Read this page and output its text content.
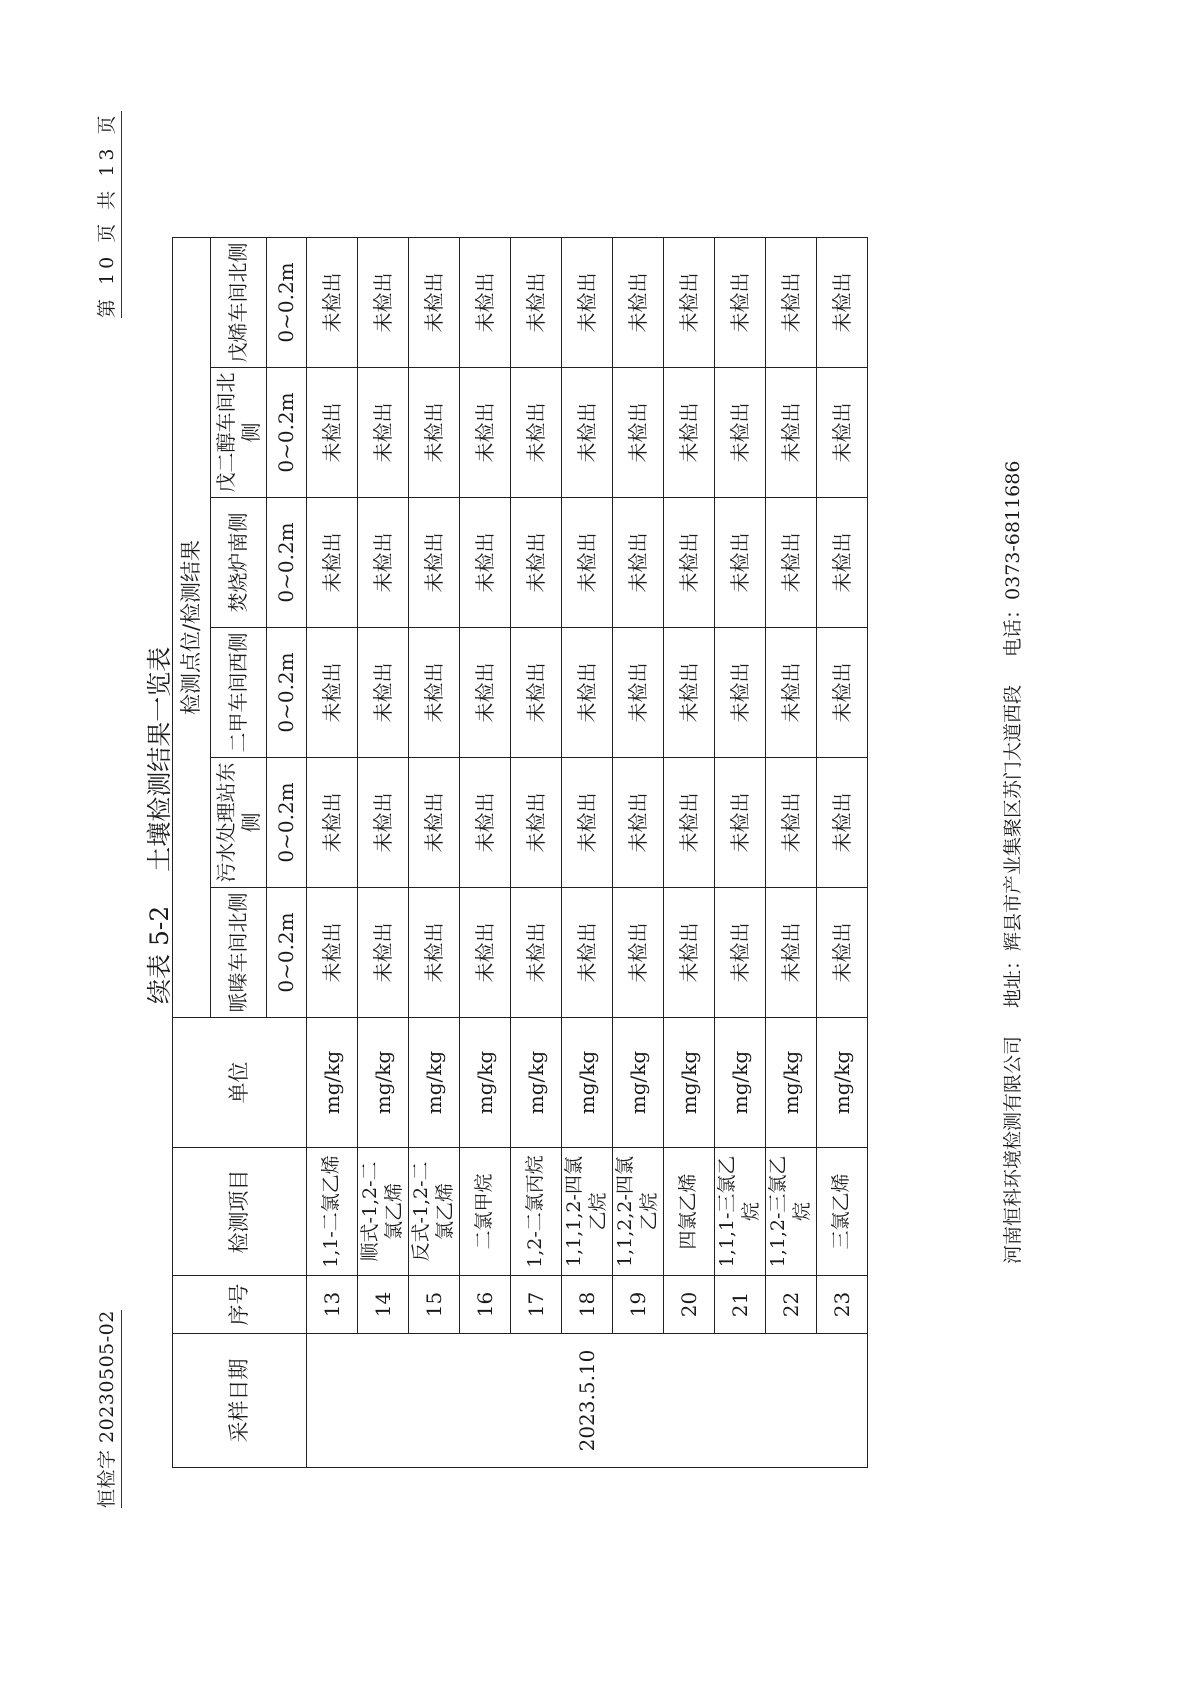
恒检字 20230505-02
第 10 页 共 13 页
续表 5-2
土壤检测结果一览表
采样日期	序号	检测项目	单位	检测点位/检测结果					
				哌嗪车间北侧	污水处理站东侧	二甲车间西侧	焚烧炉南侧	戊二醇车间北侧	戊烯车间北侧
				0~0.2m	0~0.2m	0~0.2m	0~0.2m	0~0.2m	0~0.2m
2023.5.10	13	1,1-二氯乙烯	mg/kg	未检出	未检出	未检出	未检出	未检出	未检出
	14	顺式-1,2-二氯乙烯	mg/kg	未检出	未检出	未检出	未检出	未检出	未检出
	15	反式-1,2-二氯乙烯	mg/kg	未检出	未检出	未检出	未检出	未检出	未检出
	16	二氯甲烷	mg/kg	未检出	未检出	未检出	未检出	未检出	未检出
	17	1,2-二氯丙烷	mg/kg	未检出	未检出	未检出	未检出	未检出	未检出
	18	1,1,1,2-四氯乙烷	mg/kg	未检出	未检出	未检出	未检出	未检出	未检出
	19	1,1,2,2-四氯乙烷	mg/kg	未检出	未检出	未检出	未检出	未检出	未检出
	20	四氯乙烯	mg/kg	未检出	未检出	未检出	未检出	未检出	未检出
	21	1,1,1-三氯乙烷	mg/kg	未检出	未检出	未检出	未检出	未检出	未检出
	22	1,1,2-三氯乙烷	mg/kg	未检出	未检出	未检出	未检出	未检出	未检出
	23	三氯乙烯	mg/kg	未检出	未检出	未检出	未检出	未检出	未检出
河南恒科环境检测有限公司
地址：辉县市产业集聚区苏门大道西段
电话：0373-6811686
